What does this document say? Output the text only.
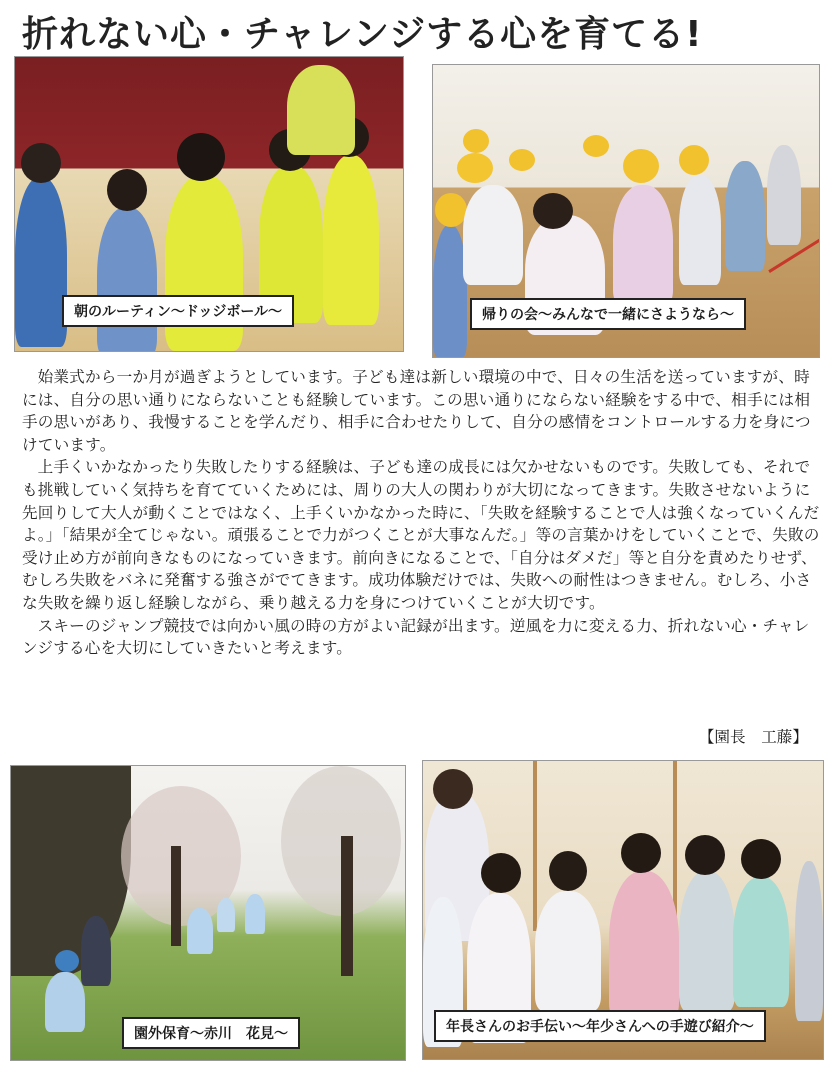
折れない心・チャレンジする心を育てる!
朝のルーティン～ドッジボール～	帰りの会～みんなで一緒にさようなら～

始業式から一か月が過ぎようとしています。子ども達は新しい環境の中で、日々の生活を送っていますが、時には、自分の思い通りにならないことも経験しています。この思い通りにならない経験をする中で、相手には相手の思いがあり、我慢することを学んだり、相手に合わせたりして、自分の感情をコントロールする力を身につけています。

上手くいかなかったり失敗したりする経験は、子ども達の成長には欠かせないものです。失敗しても、それでも挑戦していく気持ちを育てていくためには、周りの大人の関わりが大切になってきます。失敗させないように先回りして大人が動くことではなく、上手くいかなかった時に、「失敗を経験することで人は強くなっていくんだよ。」「結果が全てじゃない。頑張ることで力がつくことが大事なんだ。」等の言葉かけをしていくことで、失敗の受け止め方が前向きなものになっていきます。前向きになることで、「自分はダメだ」等と自分を責めたりせず、むしろ失敗をバネに発奮する強さがでてきます。成功体験だけでは、失敗への耐性はつきません。むしろ、小さな失敗を繰り返し経験しながら、乗り越える力を身につけていくことが大切です。

スキーのジャンプ競技では向かい風の時の方がよい記録が出ます。逆風を力に変える力、折れない心・チャレンジする心を大切にしていきたいと考えます。

【園長　工藤】
園外保育～赤川　花見～	年長さんのお手伝い～年少さんへの手遊び紹介～
